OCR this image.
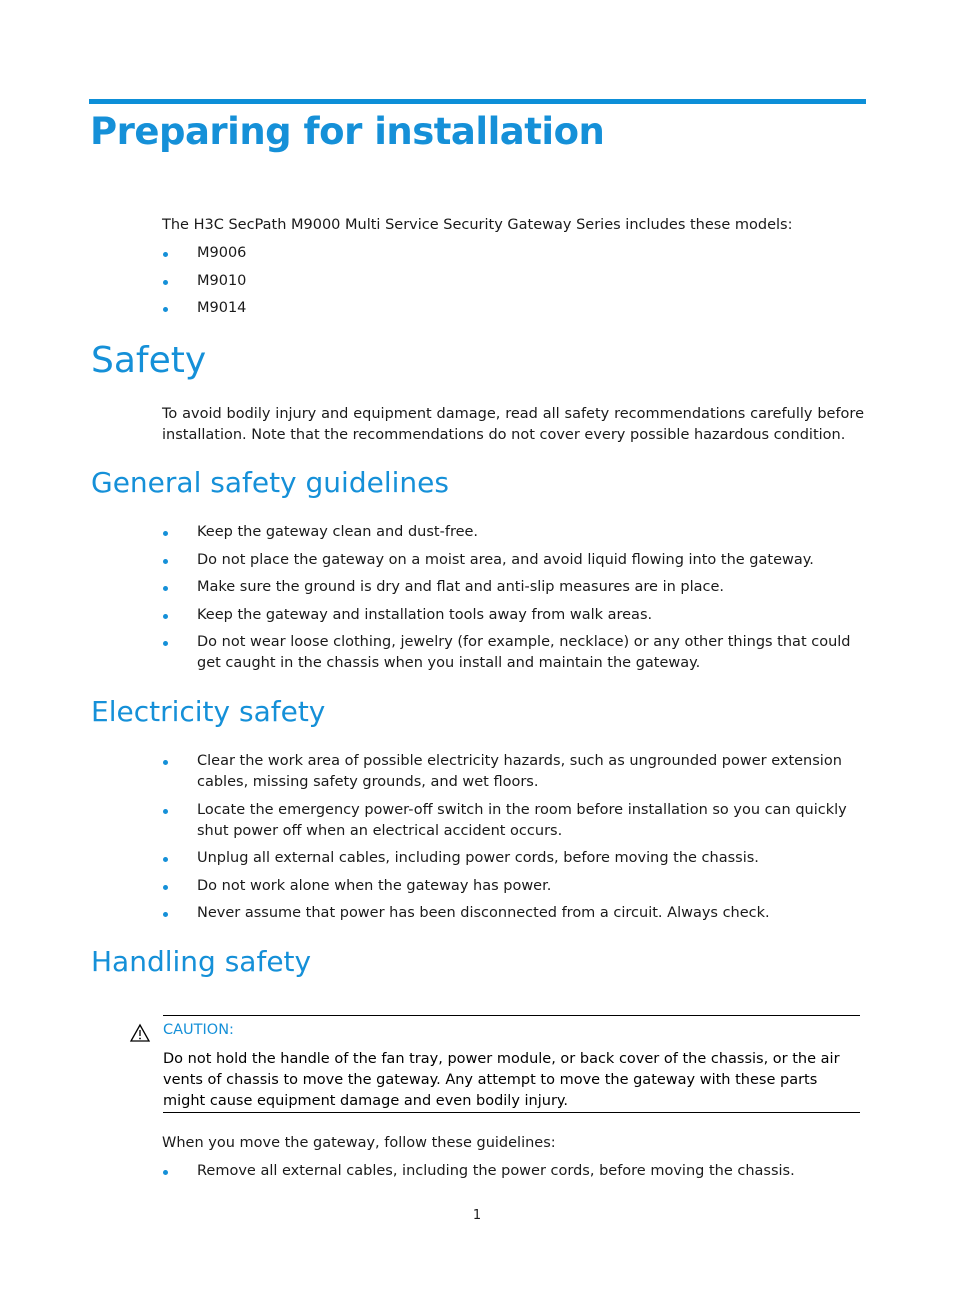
Preparing for installation

The H3C SecPath M9000 Multi Service Security Gateway Series includes these models:

M9006
M9010
M9014
Safety

To avoid bodily injury and equipment damage, read all safety recommendations carefully before installation. Note that the recommendations do not cover every possible hazardous condition.

General safety guidelines
Keep the gateway clean and dust-free.
Do not place the gateway on a moist area, and avoid liquid flowing into the gateway.
Make sure the ground is dry and flat and anti-slip measures are in place.
Keep the gateway and installation tools away from walk areas.
Do not wear loose clothing, jewelry (for example, necklace) or any other things that could get caught in the chassis when you install and maintain the gateway.
Electricity safety
Clear the work area of possible electricity hazards, such as ungrounded power extension cables, missing safety grounds, and wet floors.
Locate the emergency power-off switch in the room before installation so you can quickly shut power off when an electrical accident occurs.
Unplug all external cables, including power cords, before moving the chassis.
Do not work alone when the gateway has power.
Never assume that power has been disconnected from a circuit. Always check.
Handling safety
CAUTION:
Do not hold the handle of the fan tray, power module, or back cover of the chassis, or the air vents of chassis to move the gateway. Any attempt to move the gateway with these parts might cause equipment damage and even bodily injury.

When you move the gateway, follow these guidelines:

Remove all external cables, including the power cords, before moving the chassis.
1
